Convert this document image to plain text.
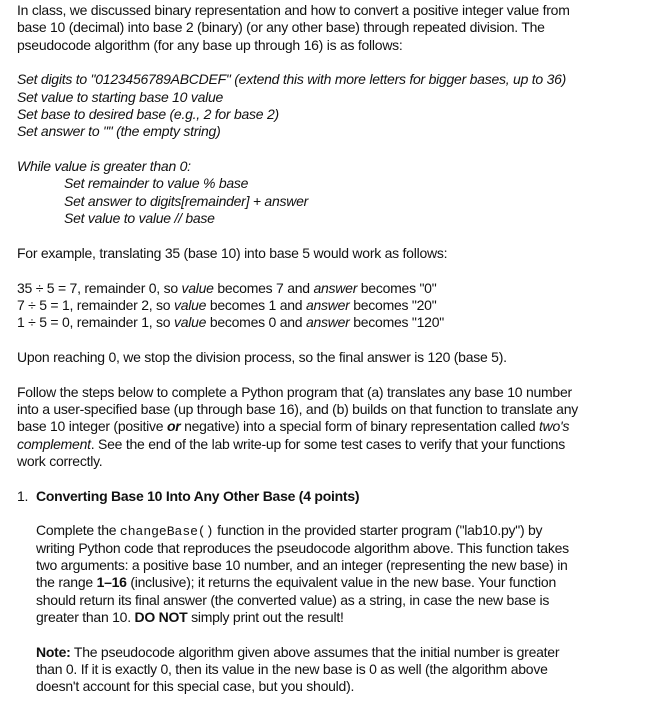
In class, we discussed binary representation and how to convert a positive integer value from
base 10 (decimal) into base 2 (binary) (or any other base) through repeated division. The
pseudocode algorithm (for any base up through 16) is as follows:
Set digits to "0123456789ABCDEF" (extend this with more letters for bigger bases, up to 36)
Set value to starting base 10 value
Set base to desired base (e.g., 2 for base 2)
Set answer to "" (the empty string)
While value is greater than 0:
Set remainder to value % base
Set answer to digits[remainder] + answer
Set value to value // base
For example, translating 35 (base 10) into base 5 would work as follows:
35 ÷ 5 = 7, remainder 0, so value becomes 7 and answer becomes "0"
7 ÷ 5 = 1, remainder 2, so value becomes 1 and answer becomes "20"
1 ÷ 5 = 0, remainder 1, so value becomes 0 and answer becomes "120"
Upon reaching 0, we stop the division process, so the final answer is 120 (base 5).
Follow the steps below to complete a Python program that (a) translates any base 10 number
into a user-specified base (up through base 16), and (b) builds on that function to translate any
base 10 integer (positive or negative) into a special form of binary representation called two's
complement. See the end of the lab write-up for some test cases to verify that your functions
work correctly.
1. Converting Base 10 Into Any Other Base (4 points)
Complete the changeBase() function in the provided starter program ("lab10.py") by
writing Python code that reproduces the pseudocode algorithm above. This function takes
two arguments: a positive base 10 number, and an integer (representing the new base) in
the range 1–16 (inclusive); it returns the equivalent value in the new base. Your function
should return its final answer (the converted value) as a string, in case the new base is
greater than 10. DO NOT simply print out the result!
Note: The pseudocode algorithm given above assumes that the initial number is greater
than 0. If it is exactly 0, then its value in the new base is 0 as well (the algorithm above
doesn't account for this special case, but you should).
